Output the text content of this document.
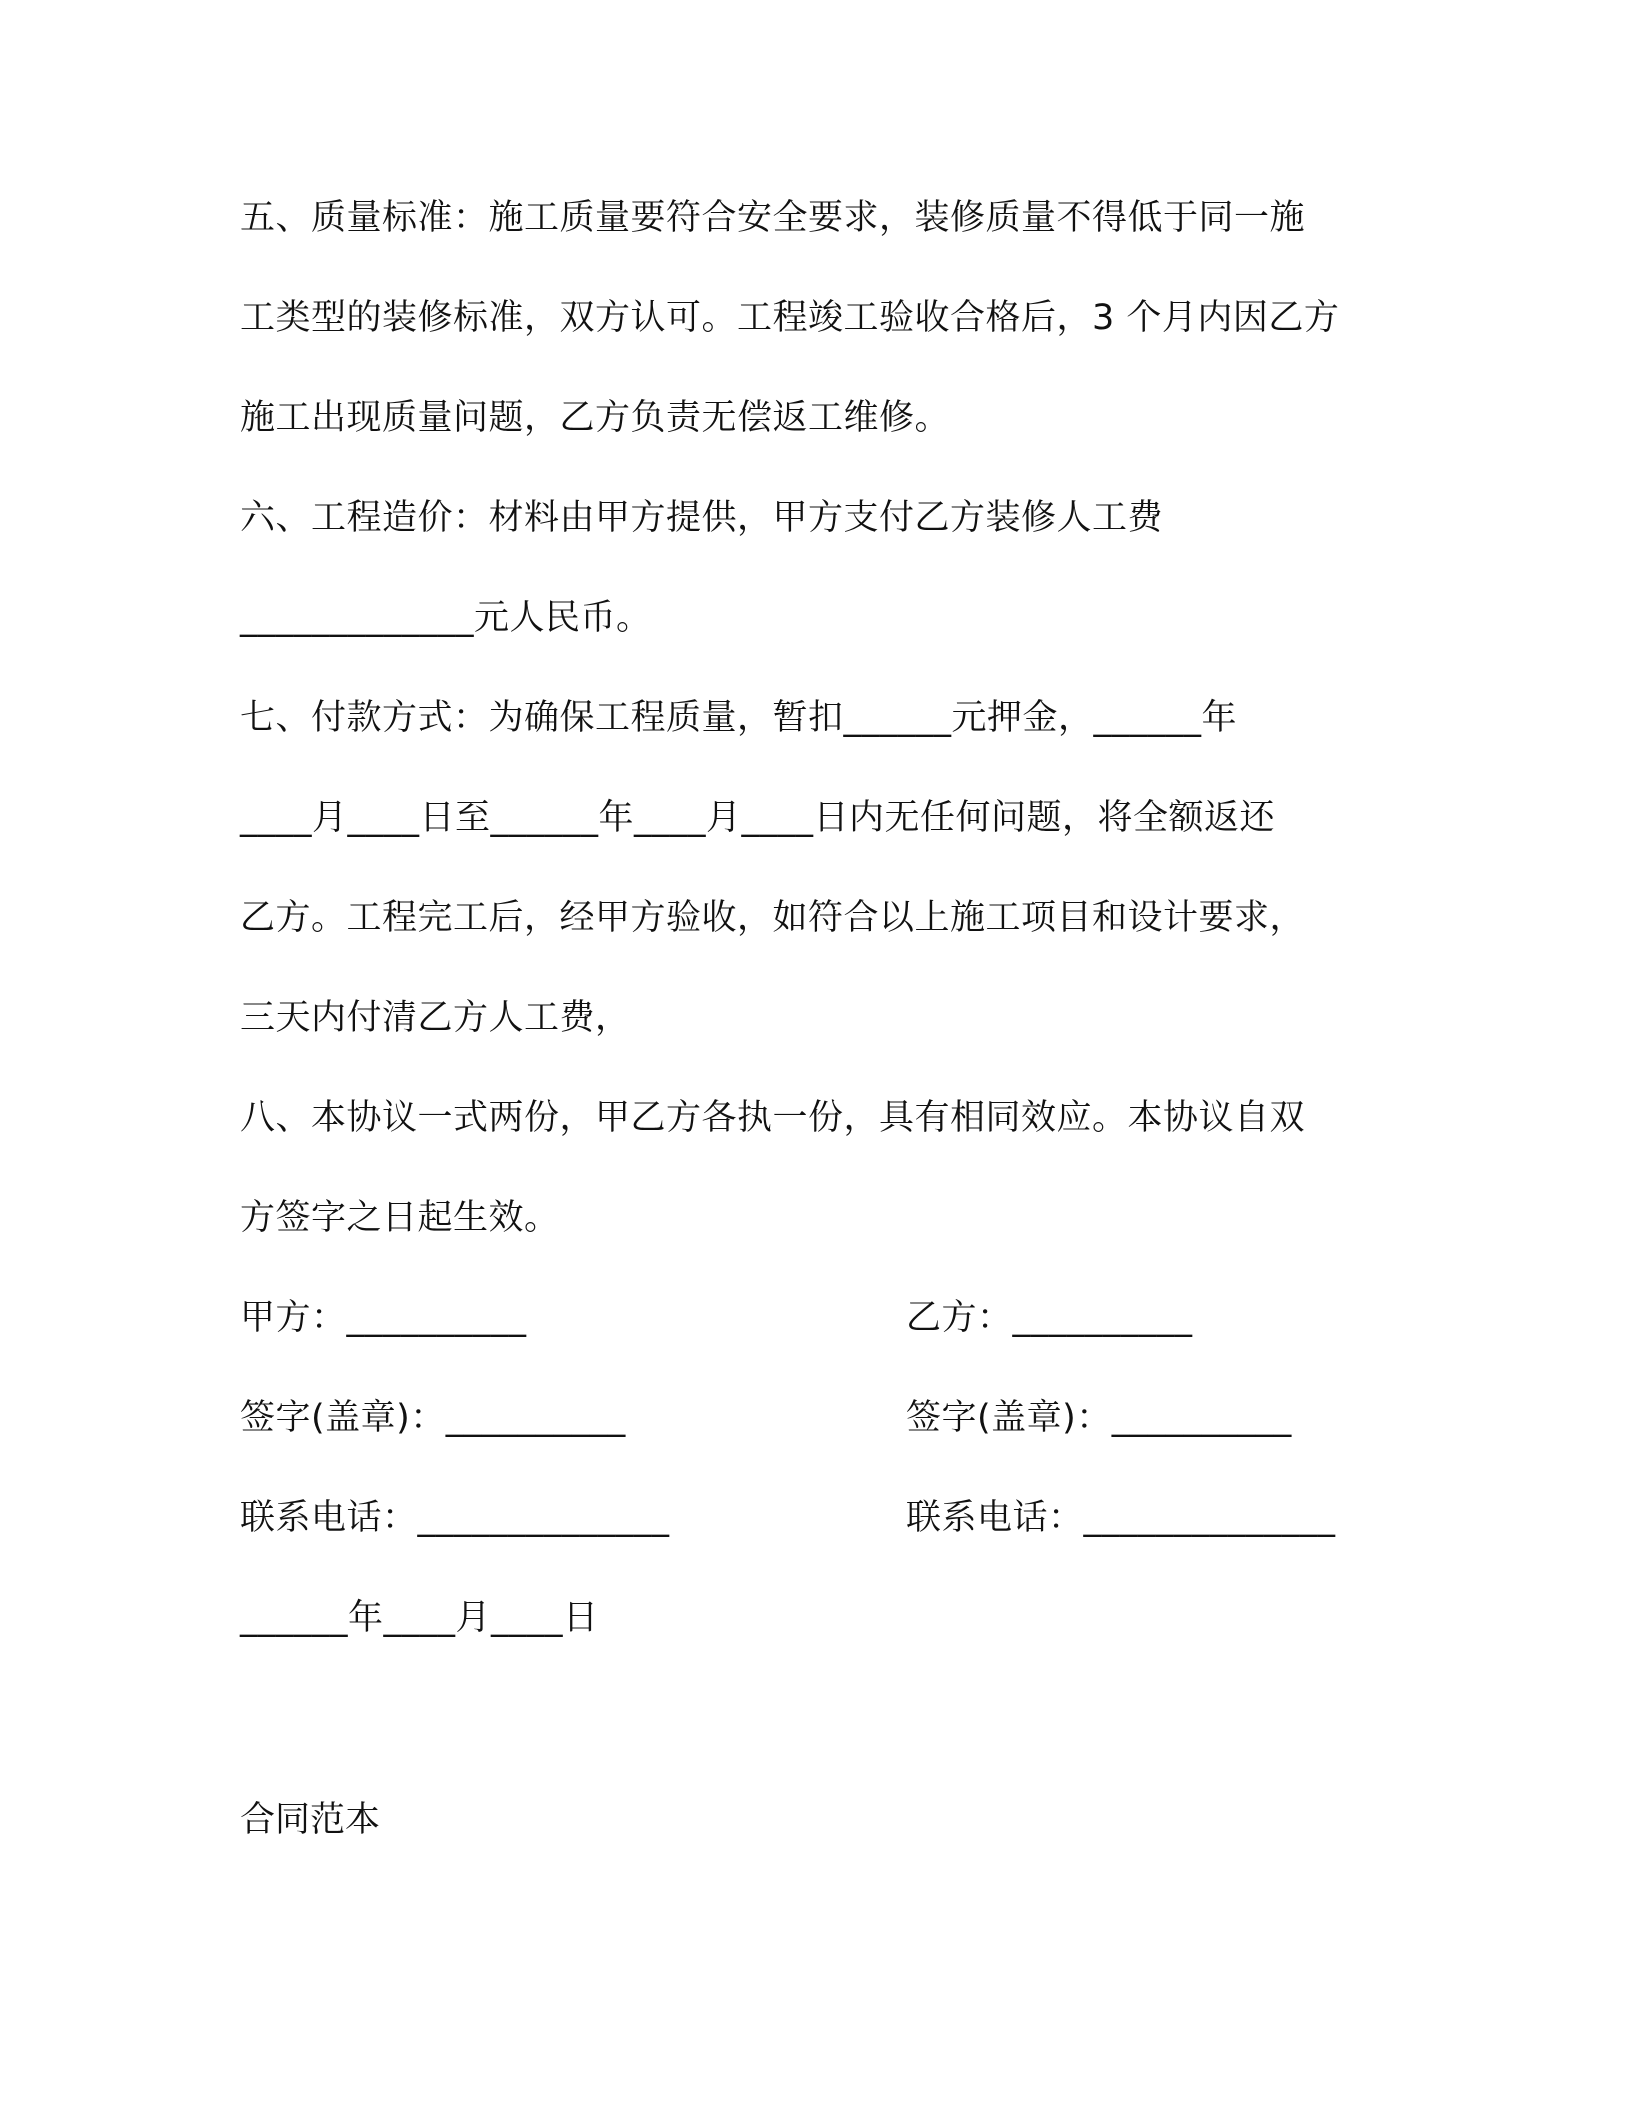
五、质量标准：施工质量要符合安全要求，装修质量不得低于同一施
工类型的装修标准，双方认可。工程竣工验收合格后，3 个月内因乙方
施工出现质量问题，乙方负责无偿返工维修。
六、工程造价：材料由甲方提供，甲方支付乙方装修人工费
_____________元人民币。
七、付款方式：为确保工程质量，暂扣______元押金，______年
____月____日至______年____月____日内无任何问题，将全额返还
乙方。工程完工后，经甲方验收，如符合以上施工项目和设计要求，
三天内付清乙方人工费，
八、本协议一式两份，甲乙方各执一份，具有相同效应。本协议自双
方签字之日起生效。
甲方：__________	乙方：__________
签字(盖章)：__________	签字(盖章)：__________
联系电话：______________	联系电话：______________
______年____月____日
合同范本
